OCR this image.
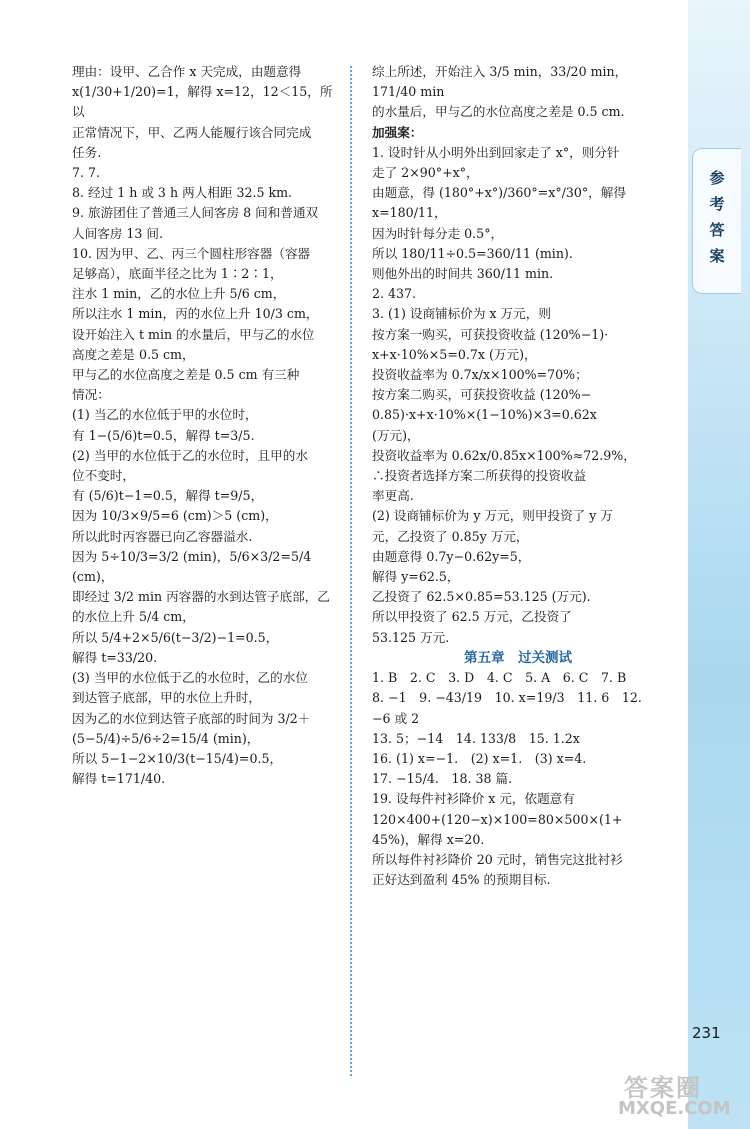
参考答案

理由：设甲、乙合作 x 天完成，由题意得

x(1/30+1/20)=1，解得 x=12，12＜15，所以

正常情况下，甲、乙两人能履行该合同完成

任务.

7. 7.

8. 经过 1 h 或 3 h 两人相距 32.5 km.

9. 旅游团住了普通三人间客房 8 间和普通双

人间客房 13 间.

10. 因为甲、乙、丙三个圆柱形容器（容器

足够高），底面半径之比为 1∶2∶1，

注水 1 min，乙的水位上升 5/6 cm，

所以注水 1 min，丙的水位上升 10/3 cm，

设开始注入 t min 的水量后，甲与乙的水位

高度之差是 0.5 cm，

甲与乙的水位高度之差是 0.5 cm 有三种

情况：

(1) 当乙的水位低于甲的水位时，

有 1−(5/6)t=0.5，解得 t=3/5.

(2) 当甲的水位低于乙的水位时，且甲的水

位不变时，

有 (5/6)t−1=0.5，解得 t=9/5，

因为 10/3×9/5=6 (cm)＞5 (cm)，

所以此时丙容器已向乙容器溢水.

因为 5÷10/3=3/2 (min)，5/6×3/2=5/4 (cm)，

即经过 3/2 min 丙容器的水到达管子底部，乙

的水位上升 5/4 cm，

所以 5/4+2×5/6(t−3/2)−1=0.5，

解得 t=33/20.

(3) 当甲的水位低于乙的水位时，乙的水位

到达管子底部，甲的水位上升时，

因为乙的水位到达管子底部的时间为 3/2＋

(5−5/4)÷5/6÷2=15/4 (min)，

所以 5−1−2×10/3(t−15/4)=0.5，

解得 t=171/40.

综上所述，开始注入 3/5 min，33/20 min，171/40 min

的水量后，甲与乙的水位高度之差是 0.5 cm.

加强案：

1. 设时针从小明外出到回家走了 x°，则分针

走了 2×90°+x°，

由题意，得 (180°+x°)/360°=x°/30°，解得 x=180/11，

因为时针每分走 0.5°，

所以 180/11÷0.5=360/11 (min).

则他外出的时间共 360/11 min.

2. 437.

3. (1) 设商铺标价为 x 万元，则

按方案一购买，可获投资收益 (120%−1)·

x+x·10%×5=0.7x (万元)，

投资收益率为 0.7x/x×100%=70%；

按方案二购买，可获投资收益 (120%−

0.85)·x+x·10%×(1−10%)×3=0.62x

(万元)，

投资收益率为 0.62x/0.85x×100%≈72.9%，

∴投资者选择方案二所获得的投资收益

率更高.

(2) 设商铺标价为 y 万元，则甲投资了 y 万

元，乙投资了 0.85y 万元，

由题意得 0.7y−0.62y=5，

解得 y=62.5，

乙投资了 62.5×0.85=53.125 (万元).

所以甲投资了 62.5 万元，乙投资了

53.125 万元.

第五章　过关测试

1. B　2. C　3. D　4. C　5. A　6. C　7. B

8. −1　9. −43/19　10. x=19/3　11. 6　12. −6 或 2

13. 5；−14　14. 133/8　15. 1.2x

16. (1) x=−1.　(2) x=1.　(3) x=4.

17. −15/4.　18. 38 篇.

19. 设每件衬衫降价 x 元，依题意有

120×400+(120−x)×100=80×500×(1+

45%)，解得 x=20.

所以每件衬衫降价 20 元时，销售完这批衬衫

正好达到盈利 45% 的预期目标.

231
答案圈
MXQE.COM
